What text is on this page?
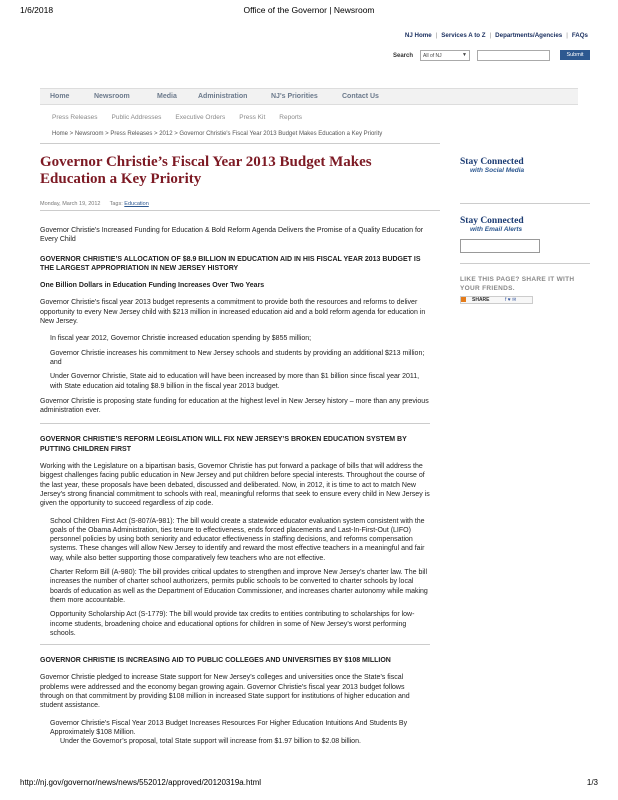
1/6/2018	Office of the Governor | Newsroom
NJ Home | Services A to Z | Departments/Agencies | FAQs
Search	All of NJ	▼	Submit
Home	Newsroom	Media	Administration	NJ's Priorities	Contact Us
Press Releases Public Addresses Executive Orders Press Kit Reports
Home > Newsroom > Press Releases > 2012 > Governor Christie's Fiscal Year 2013 Budget Makes Education a Key Priority
Governor Christie’s Fiscal Year 2013 Budget Makes Education a Key Priority
Monday, March 19, 2012 Tags: Education

Governor Christie’s Increased Funding for Education & Bold Reform Agenda Delivers the Promise of a Quality Education for Every Child

GOVERNOR CHRISTIE’S ALLOCATION OF $8.9 BILLION IN EDUCATION AID IN HIS FISCAL YEAR 2013 BUDGET IS THE LARGEST APPROPRIATION IN NEW JERSEY HISTORY

One Billion Dollars in Education Funding Increases Over Two Years

Governor Christie’s fiscal year 2013 budget represents a commitment to provide both the resources and reforms to deliver opportunity to every New Jersey child with $213 million in increased education aid and a bold reform agenda for education in New Jersey.

In fiscal year 2012, Governor Christie increased education spending by $855 million;

Governor Christie increases his commitment to New Jersey schools and students by providing an additional $213 million; and

Under Governor Christie, State aid to education will have been increased by more than $1 billion since fiscal year 2011, with State education aid totaling $8.9 billion in the fiscal year 2013 budget.

Governor Christie is proposing state funding for education at the highest level in New Jersey history – more than any previous administration ever.

GOVERNOR CHRISTIE’S REFORM LEGISLATION WILL FIX NEW JERSEY’S BROKEN EDUCATION SYSTEM BY PUTTING CHILDREN FIRST

Working with the Legislature on a bipartisan basis, Governor Christie has put forward a package of bills that will address the biggest challenges facing public education in New Jersey and put children before special interests. Throughout the course of the last year, these proposals have been debated, discussed and deliberated. Now, in 2012, it is time to act to match New Jersey’s strong financial commitment to schools with real, meaningful reforms that seek to ensure every child in New Jersey is given the opportunity to succeed regardless of zip code.

School Children First Act (S-807/A-981): The bill would create a statewide educator evaluation system consistent with the goals of the Obama Administration, ties tenure to effectiveness, ends forced placements and Last-In-First-Out (LIFO) personnel policies by using both seniority and educator effectiveness in staffing decisions, and reforms compensation systems. These changes will allow New Jersey to identify and reward the most effective teachers in a meaningful and fair way, while also better supporting those comparatively few teachers who are not effective.

Charter Reform Bill (A-980): The bill provides critical updates to strengthen and improve New Jersey’s charter law. The bill increases the number of charter school authorizers, permits public schools to be converted to charter schools by local boards of education as well as the Department of Education Commissioner, and increases charter autonomy while making them more accountable.

Opportunity Scholarship Act (S-1779): The bill would provide tax credits to entities contributing to scholarships for low-income students, broadening choice and educational options for children in some of New Jersey’s worst performing schools.

GOVERNOR CHRISTIE IS INCREASING AID TO PUBLIC COLLEGES AND UNIVERSITIES BY $108 MILLION

Governor Christie pledged to increase State support for New Jersey’s colleges and universities once the State’s fiscal problems were addressed and the economy began growing again. Governor Christie’s fiscal year 2013 budget follows through on that commitment by providing $108 million in increased State support for institutions of higher education and student assistance.

Governor Christie’s Fiscal Year 2013 Budget Increases Resources For Higher Education Intuitions And Students By Approximately $108 Million.

Under the Governor’s proposal, total State support will increase from $1.97 billion to $2.08 billion.

Stay Connected
with Social Media
Stay Connected
with Email Alerts
LIKE THIS PAGE? SHARE IT WITH YOUR FRIENDS.
SHARE	f ♥ ✉
http://nj.gov/governor/news/news/552012/approved/20120319a.html	1/3
